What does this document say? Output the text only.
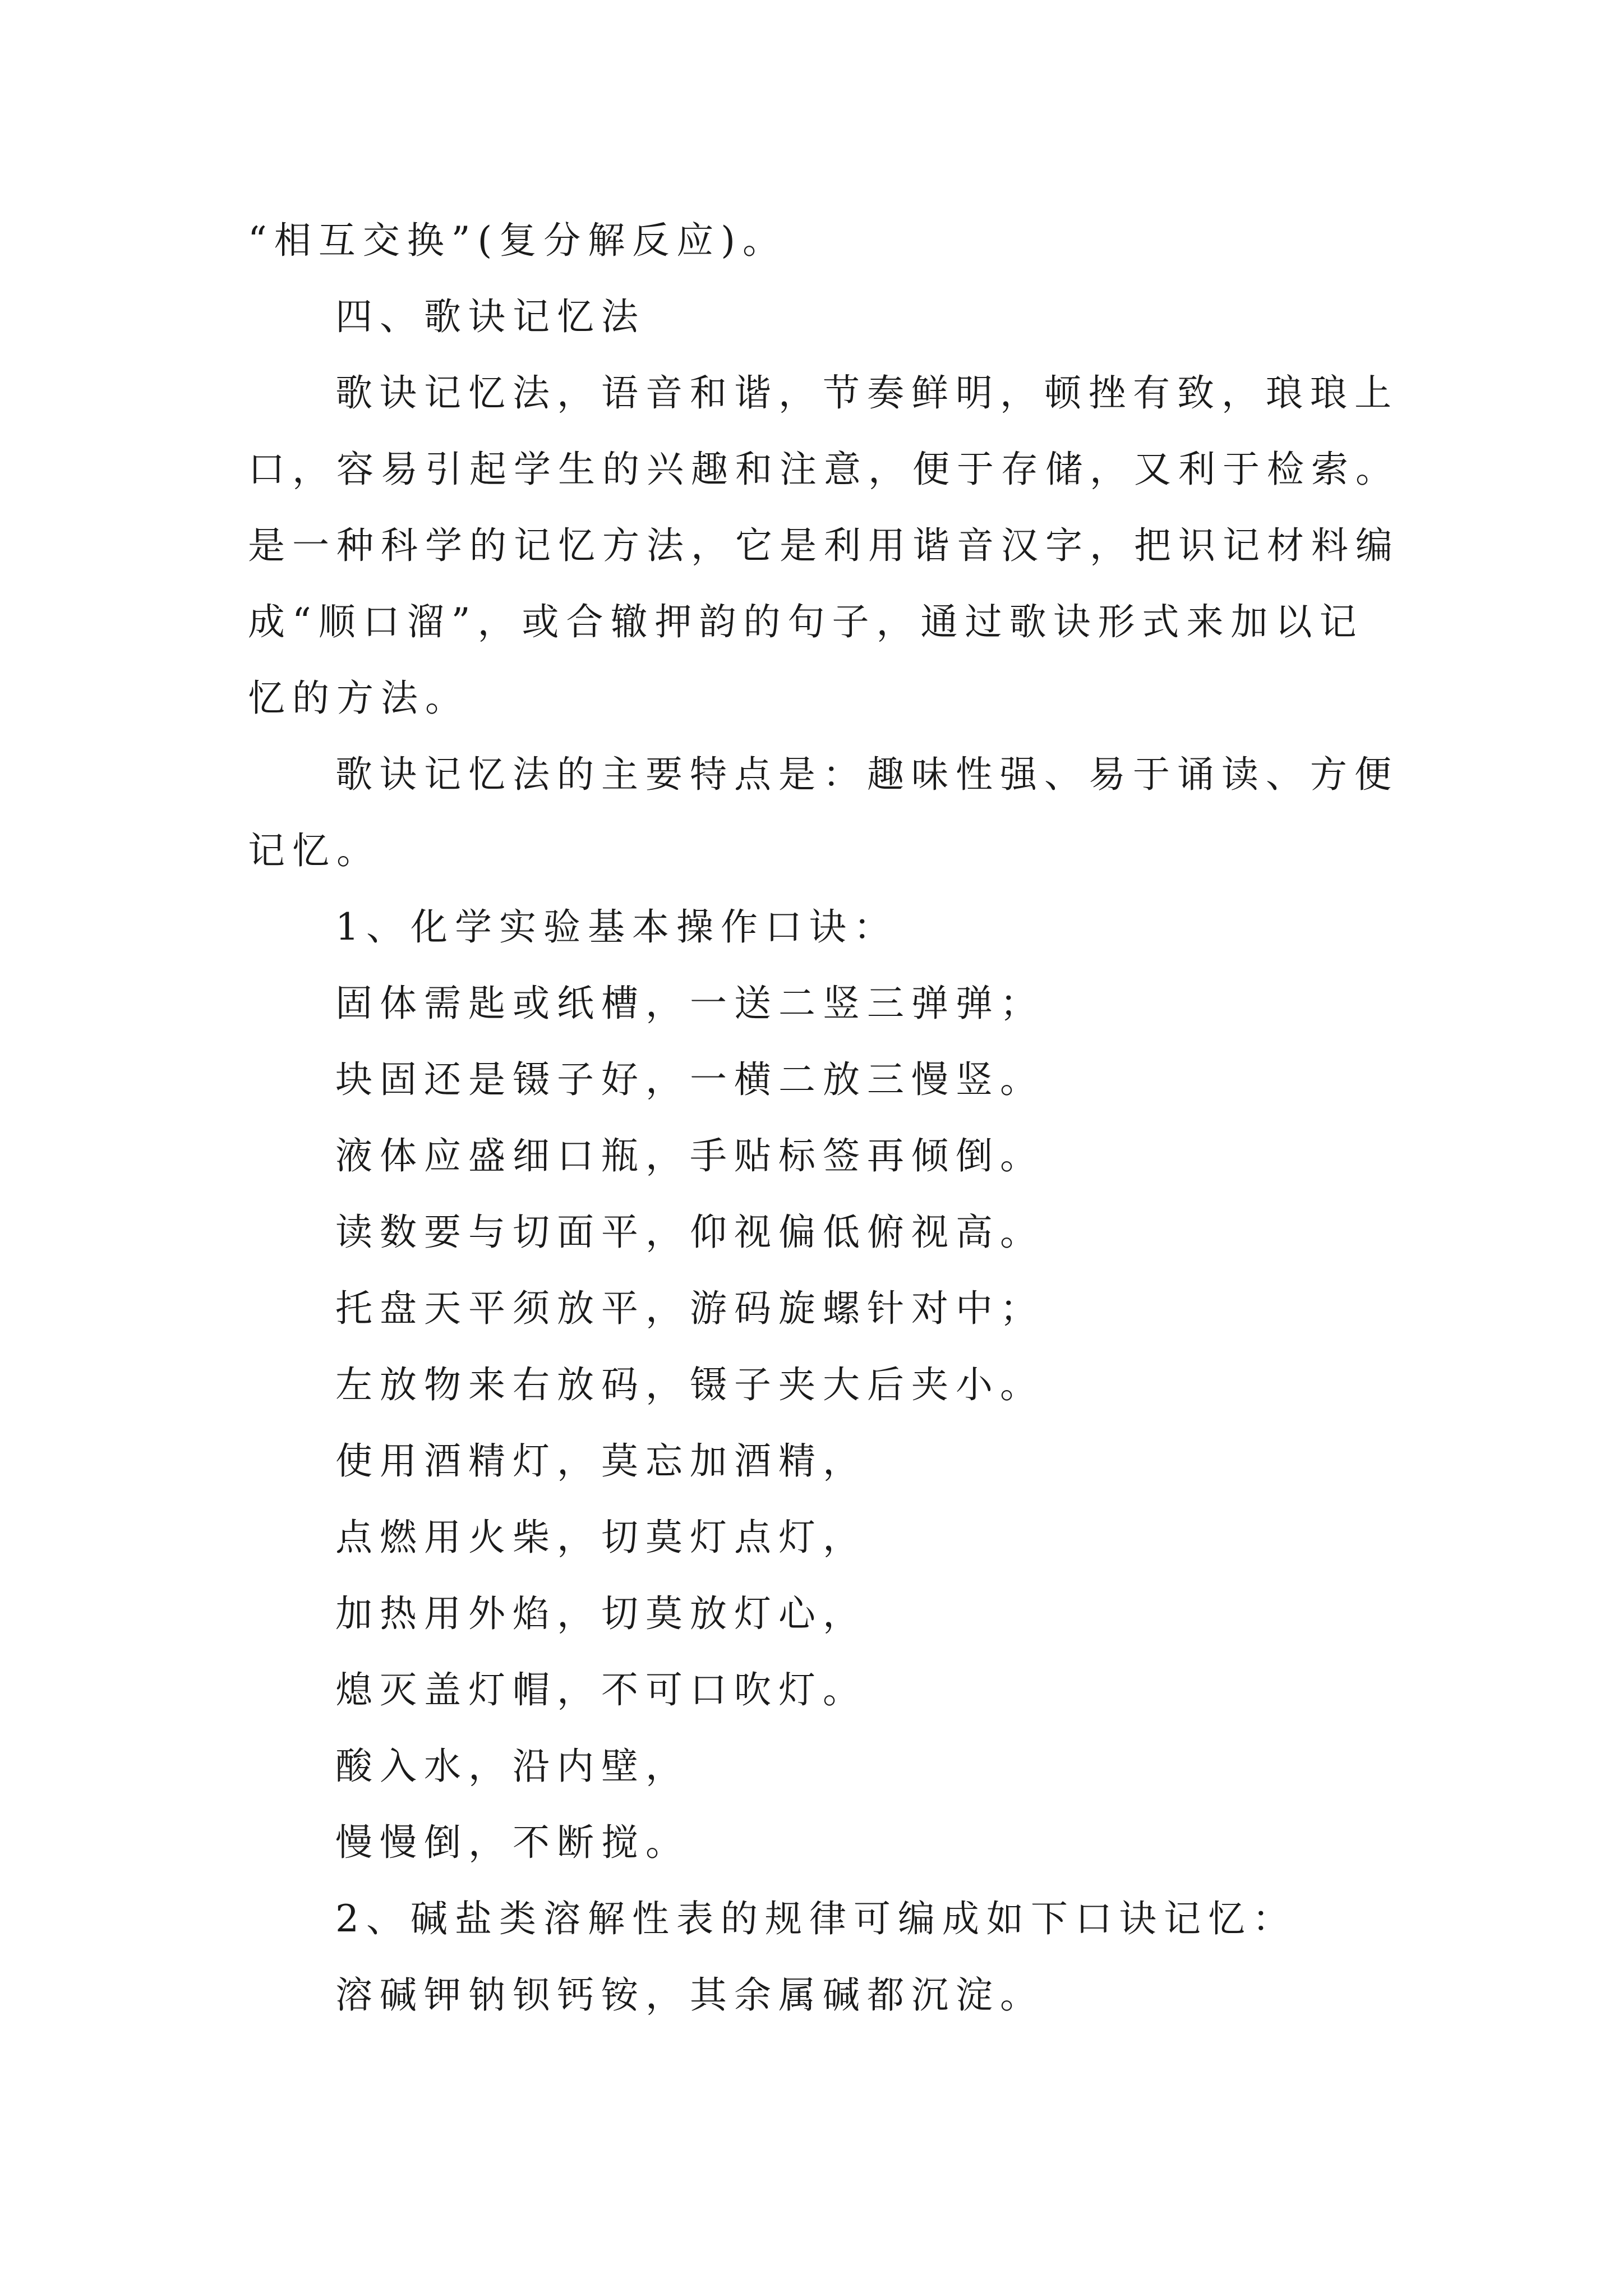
“相互交换”(复分解反应)。
四、歌诀记忆法
歌诀记忆法，语音和谐，节奏鲜明，顿挫有致，琅琅上
口，容易引起学生的兴趣和注意，便于存储，又利于检索。
是一种科学的记忆方法，它是利用谐音汉字，把识记材料编
成“顺口溜”，或合辙押韵的句子，通过歌诀形式来加以记
忆的方法。
歌诀记忆法的主要特点是：趣味性强、易于诵读、方便
记忆。
1、化学实验基本操作口诀：
固体需匙或纸槽，一送二竖三弹弹；
块固还是镊子好，一横二放三慢竖。
液体应盛细口瓶，手贴标签再倾倒。
读数要与切面平，仰视偏低俯视高。
托盘天平须放平，游码旋螺针对中；
左放物来右放码，镊子夹大后夹小。
使用酒精灯，莫忘加酒精，
点燃用火柴，切莫灯点灯，
加热用外焰，切莫放灯心，
熄灭盖灯帽，不可口吹灯。
酸入水，沿内壁，
慢慢倒，不断搅。
2、碱盐类溶解性表的规律可编成如下口诀记忆：
溶碱钾钠钡钙铵，其余属碱都沉淀。
